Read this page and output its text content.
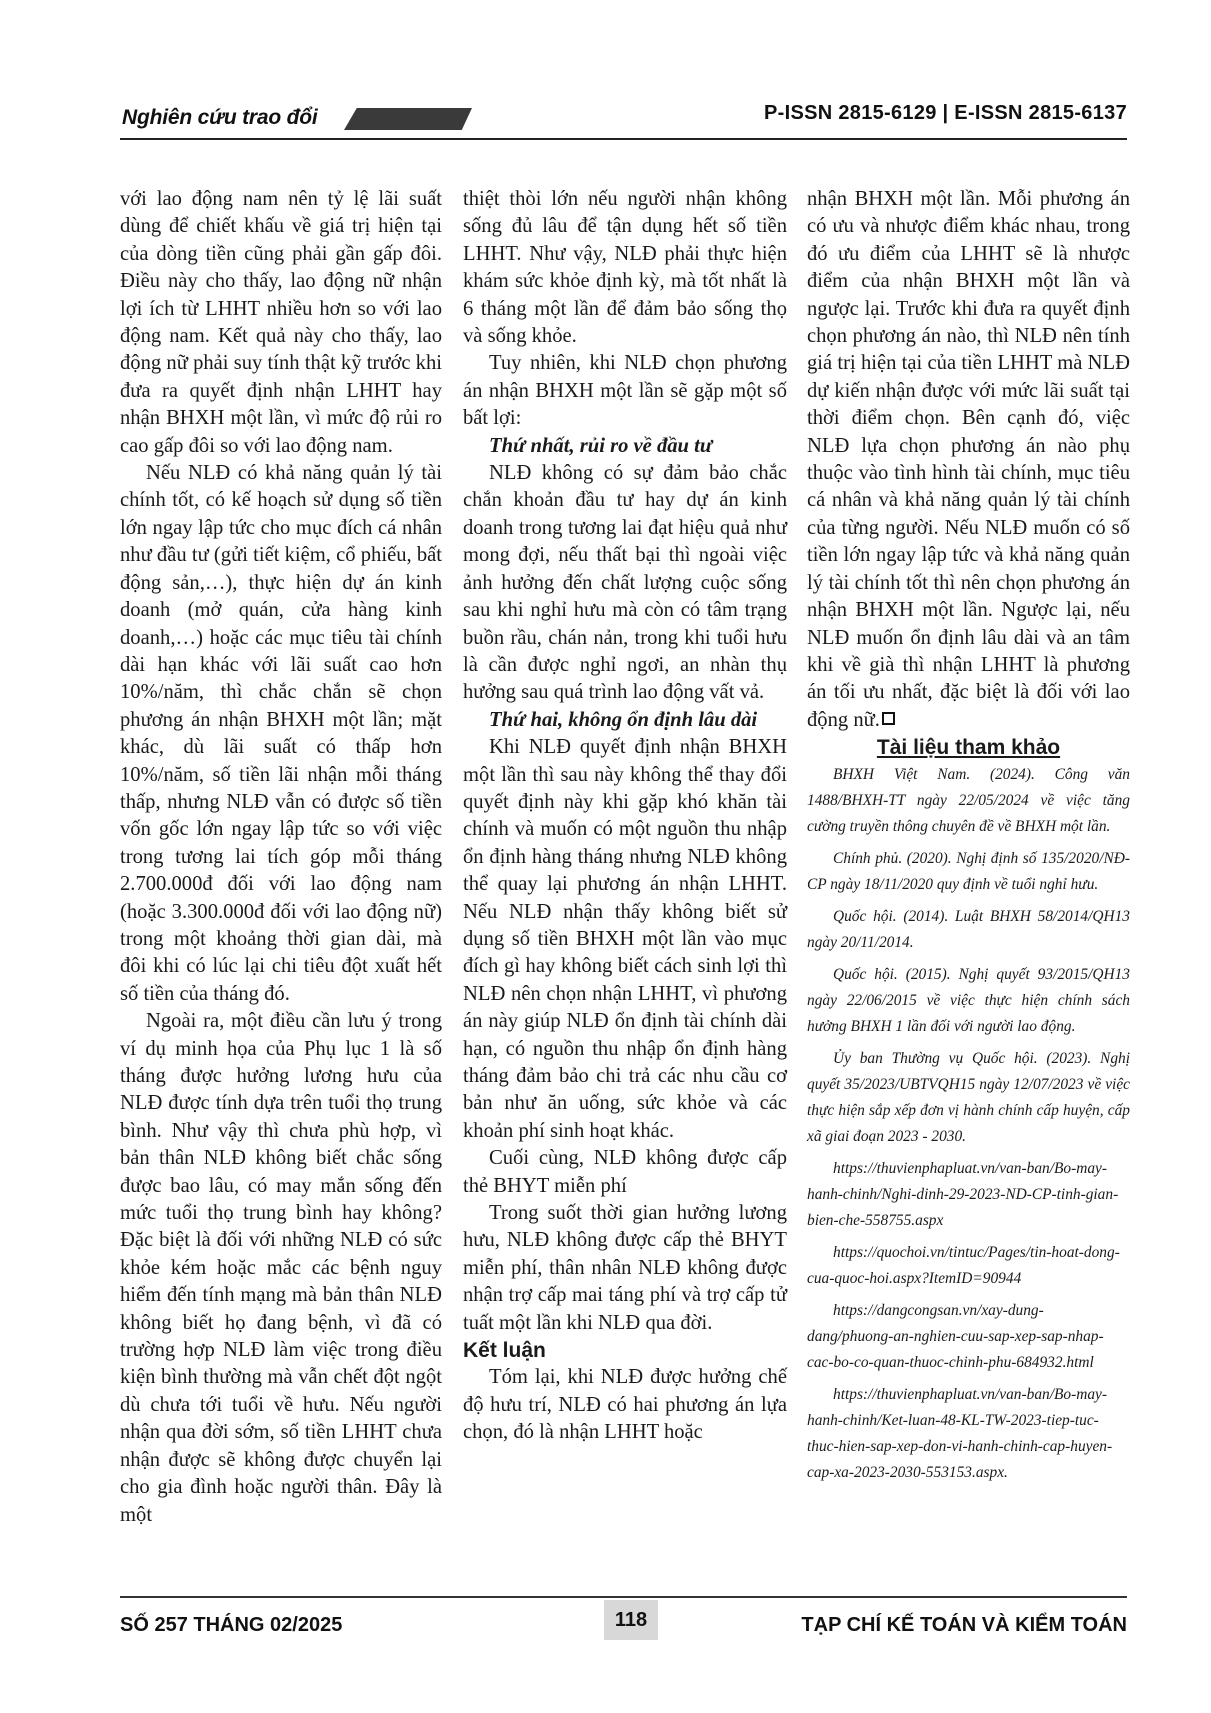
Nghiên cứu trao đổi	P-ISSN 2815-6129 | E-ISSN 2815-6137

với lao động nam nên tỷ lệ lãi suất dùng để chiết khấu về giá trị hiện tại của dòng tiền cũng phải gần gấp đôi. Điều này cho thấy, lao động nữ nhận lợi ích từ LHHT nhiều hơn so với lao động nam. Kết quả này cho thấy, lao động nữ phải suy tính thật kỹ trước khi đưa ra quyết định nhận LHHT hay nhận BHXH một lần, vì mức độ rủi ro cao gấp đôi so với lao động nam.

Nếu NLĐ có khả năng quản lý tài chính tốt, có kế hoạch sử dụng số tiền lớn ngay lập tức cho mục đích cá nhân như đầu tư (gửi tiết kiệm, cổ phiếu, bất động sản,…), thực hiện dự án kinh doanh (mở quán, cửa hàng kinh doanh,…) hoặc các mục tiêu tài chính dài hạn khác với lãi suất cao hơn 10%/năm, thì chắc chắn sẽ chọn phương án nhận BHXH một lần; mặt khác, dù lãi suất có thấp hơn 10%/năm, số tiền lãi nhận mỗi tháng thấp, nhưng NLĐ vẫn có được số tiền vốn gốc lớn ngay lập tức so với việc trong tương lai tích góp mỗi tháng 2.700.000đ đối với lao động nam (hoặc 3.300.000đ đối với lao động nữ) trong một khoảng thời gian dài, mà đôi khi có lúc lại chi tiêu đột xuất hết số tiền của tháng đó.

Ngoài ra, một điều cần lưu ý trong ví dụ minh họa của Phụ lục 1 là số tháng được hưởng lương hưu của NLĐ được tính dựa trên tuổi thọ trung bình. Như vậy thì chưa phù hợp, vì bản thân NLĐ không biết chắc sống được bao lâu, có may mắn sống đến mức tuổi thọ trung bình hay không? Đặc biệt là đối với những NLĐ có sức khỏe kém hoặc mắc các bệnh nguy hiểm đến tính mạng mà bản thân NLĐ không biết họ đang bệnh, vì đã có trường hợp NLĐ làm việc trong điều kiện bình thường mà vẫn chết đột ngột dù chưa tới tuổi về hưu. Nếu người nhận qua đời sớm, số tiền LHHT chưa nhận được sẽ không được chuyển lại cho gia đình hoặc người thân. Đây là một

thiệt thòi lớn nếu người nhận không sống đủ lâu để tận dụng hết số tiền LHHT. Như vậy, NLĐ phải thực hiện khám sức khỏe định kỳ, mà tốt nhất là 6 tháng một lần để đảm bảo sống thọ và sống khỏe.

Tuy nhiên, khi NLĐ chọn phương án nhận BHXH một lần sẽ gặp một số bất lợi:

Thứ nhất, rủi ro về đầu tư

NLĐ không có sự đảm bảo chắc chắn khoản đầu tư hay dự án kinh doanh trong tương lai đạt hiệu quả như mong đợi, nếu thất bại thì ngoài việc ảnh hưởng đến chất lượng cuộc sống sau khi nghỉ hưu mà còn có tâm trạng buồn rầu, chán nản, trong khi tuổi hưu là cần được nghỉ ngơi, an nhàn thụ hưởng sau quá trình lao động vất vả.

Thứ hai, không ổn định lâu dài

Khi NLĐ quyết định nhận BHXH một lần thì sau này không thể thay đổi quyết định này khi gặp khó khăn tài chính và muốn có một nguồn thu nhập ổn định hàng tháng nhưng NLĐ không thể quay lại phương án nhận LHHT. Nếu NLĐ nhận thấy không biết sử dụng số tiền BHXH một lần vào mục đích gì hay không biết cách sinh lợi thì NLĐ nên chọn nhận LHHT, vì phương án này giúp NLĐ ổn định tài chính dài hạn, có nguồn thu nhập ổn định hàng tháng đảm bảo chi trả các nhu cầu cơ bản như ăn uống, sức khỏe và các khoản phí sinh hoạt khác.

Cuối cùng, NLĐ không được cấp thẻ BHYT miễn phí

Trong suốt thời gian hưởng lương hưu, NLĐ không được cấp thẻ BHYT miễn phí, thân nhân NLĐ không được nhận trợ cấp mai táng phí và trợ cấp tử tuất một lần khi NLĐ qua đời.

Kết luận

Tóm lại, khi NLĐ được hưởng chế độ hưu trí, NLĐ có hai phương án lựa chọn, đó là nhận LHHT hoặc

nhận BHXH một lần. Mỗi phương án có ưu và nhược điểm khác nhau, trong đó ưu điểm của LHHT sẽ là nhược điểm của nhận BHXH một lần và ngược lại. Trước khi đưa ra quyết định chọn phương án nào, thì NLĐ nên tính giá trị hiện tại của tiền LHHT mà NLĐ dự kiến nhận được với mức lãi suất tại thời điểm chọn. Bên cạnh đó, việc NLĐ lựa chọn phương án nào phụ thuộc vào tình hình tài chính, mục tiêu cá nhân và khả năng quản lý tài chính của từng người. Nếu NLĐ muốn có số tiền lớn ngay lập tức và khả năng quản lý tài chính tốt thì nên chọn phương án nhận BHXH một lần. Ngược lại, nếu NLĐ muốn ổn định lâu dài và an tâm khi về già thì nhận LHHT là phương án tối ưu nhất, đặc biệt là đối với lao động nữ.

Tài liệu tham khảo

BHXH Việt Nam. (2024). Công văn 1488/BHXH-TT ngày 22/05/2024 về việc tăng cường truyền thông chuyên đề về BHXH một lần.

Chính phủ. (2020). Nghị định số 135/2020/NĐ-CP ngày 18/11/2020 quy định về tuổi nghỉ hưu.

Quốc hội. (2014). Luật BHXH 58/2014/QH13 ngày 20/11/2014.

Quốc hội. (2015). Nghị quyết 93/2015/QH13 ngày 22/06/2015 về việc thực hiện chính sách hưởng BHXH 1 lần đối với người lao động.

Ủy ban Thường vụ Quốc hội. (2023). Nghị quyết 35/2023/UBTVQH15 ngày 12/07/2023 về việc thực hiện sắp xếp đơn vị hành chính cấp huyện, cấp xã giai đoạn 2023 - 2030.

https://thuvienphapluat.vn/van-ban/Bo-may-hanh-chinh/Nghi-dinh-29-2023-ND-CP-tinh-gian-bien-che-558755.aspx

https://quochoi.vn/tintuc/Pages/tin-hoat-dong-cua-quoc-hoi.aspx?ItemID=90944

https://dangcongsan.vn/xay-dung-dang/phuong-an-nghien-cuu-sap-xep-sap-nhap-cac-bo-co-quan-thuoc-chinh-phu-684932.html

https://thuvienphapluat.vn/van-ban/Bo-may-hanh-chinh/Ket-luan-48-KL-TW-2023-tiep-tuc-thuc-hien-sap-xep-don-vi-hanh-chinh-cap-huyen-cap-xa-2023-2030-553153.aspx.

SỐ 257 THÁNG 02/2025	118	TẠP CHÍ KẾ TOÁN VÀ KIỂM TOÁN
